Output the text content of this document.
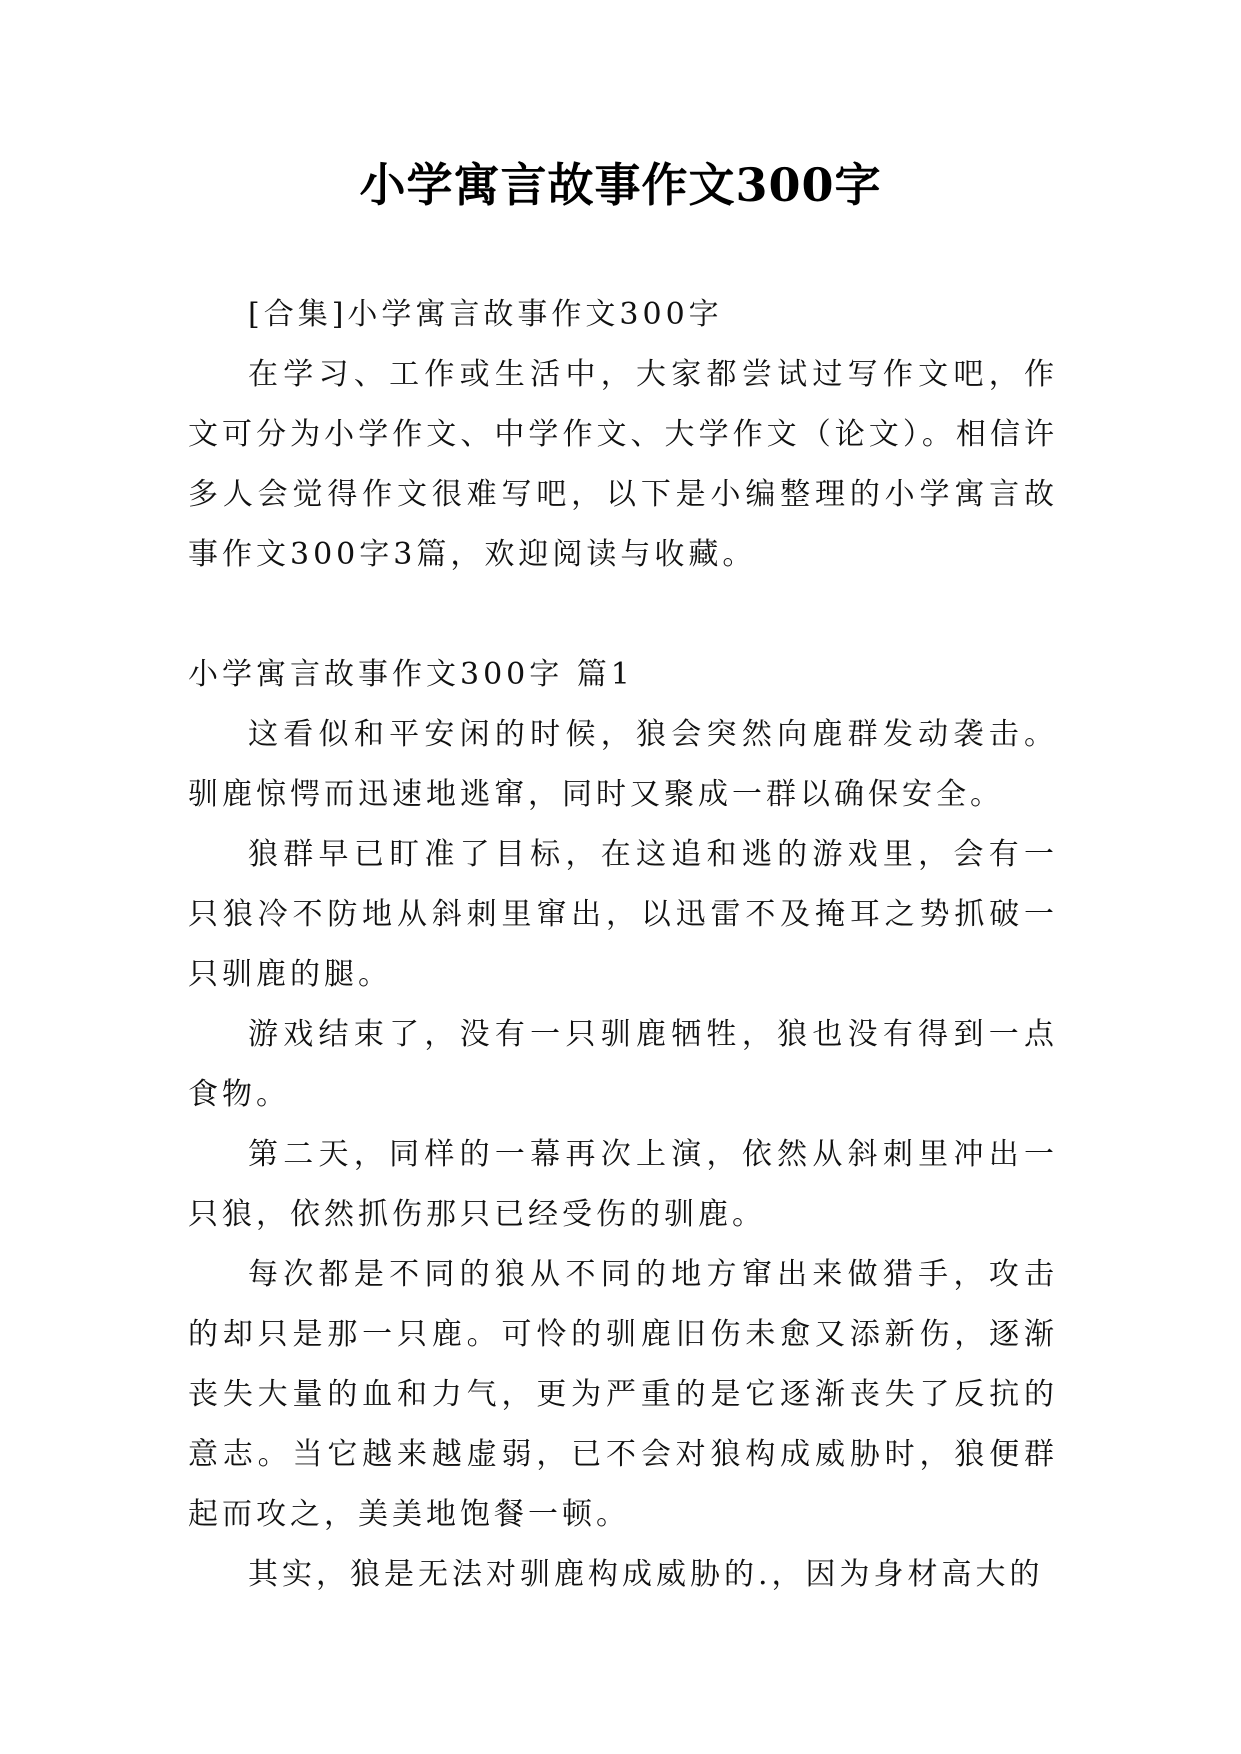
小学寓言故事作文300字

[合集]小学寓言故事作文300字

在学习、工作或生活中，大家都尝试过写作文吧，作文可分为小学作文、中学作文、大学作文（论文）。相信许多人会觉得作文很难写吧，以下是小编整理的小学寓言故事作文300字3篇，欢迎阅读与收藏。

小学寓言故事作文300字 篇1

这看似和平安闲的时候，狼会突然向鹿群发动袭击。驯鹿惊愕而迅速地逃窜，同时又聚成一群以确保安全。

狼群早已盯准了目标，在这追和逃的游戏里，会有一只狼冷不防地从斜刺里窜出，以迅雷不及掩耳之势抓破一只驯鹿的腿。

游戏结束了，没有一只驯鹿牺牲，狼也没有得到一点食物。

第二天，同样的一幕再次上演，依然从斜刺里冲出一只狼，依然抓伤那只已经受伤的驯鹿。

每次都是不同的狼从不同的地方窜出来做猎手，攻击的却只是那一只鹿。可怜的驯鹿旧伤未愈又添新伤，逐渐丧失大量的血和力气，更为严重的是它逐渐丧失了反抗的意志。当它越来越虚弱，已不会对狼构成威胁时，狼便群起而攻之，美美地饱餐一顿。

其实，狼是无法对驯鹿构成威胁的.，因为身材高大的
